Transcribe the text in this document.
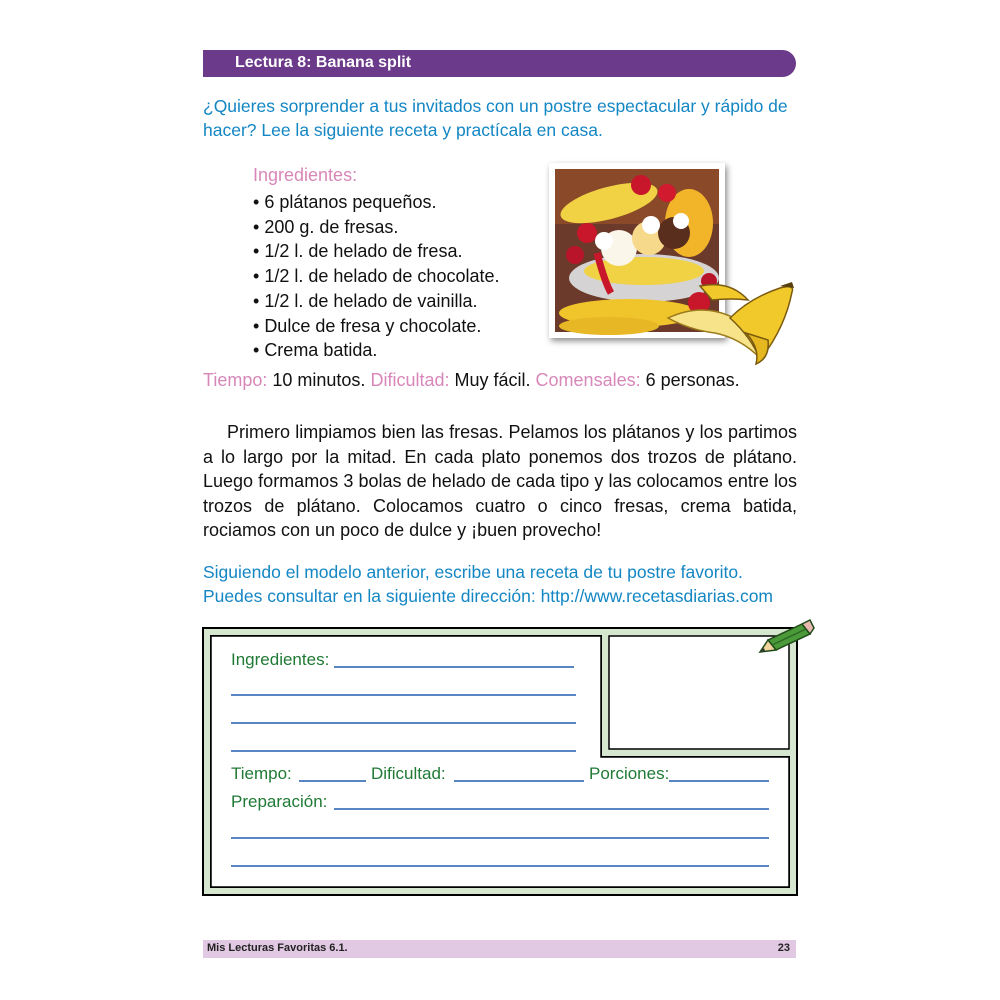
Lectura 8: Banana split

¿Quieres sorprender a tus invitados con un postre espectacular y rápido de hacer? Lee la siguiente receta y practícala en casa.

Ingredientes:
• 6 plátanos pequeños.
• 200 g. de fresas.
• 1/2 l. de helado de fresa.
• 1/2 l. de helado de chocolate.
• 1/2 l. de helado de vainilla.
• Dulce de fresa y chocolate.
• Crema batida.

Tiempo: 10 minutos. Dificultad: Muy fácil. Comensales: 6 personas.

Primero limpiamos bien las fresas. Pelamos los plátanos y los partimos a lo largo por la mitad. En cada plato ponemos dos trozos de plátano. Luego formamos 3 bolas de helado de cada tipo y las colocamos entre los trozos de plátano. Colocamos cuatro o cinco fresas, crema batida, rociamos con un poco de dulce y ¡buen provecho!

Siguiendo el modelo anterior, escribe una receta de tu postre favorito. Puedes consultar en la siguiente dirección: http://www.recetasdiarias.com

Ingredientes:
Tiempo:	Dificultad:	Porciones:
Preparación:
Mis Lecturas Favoritas 6.1.	23
